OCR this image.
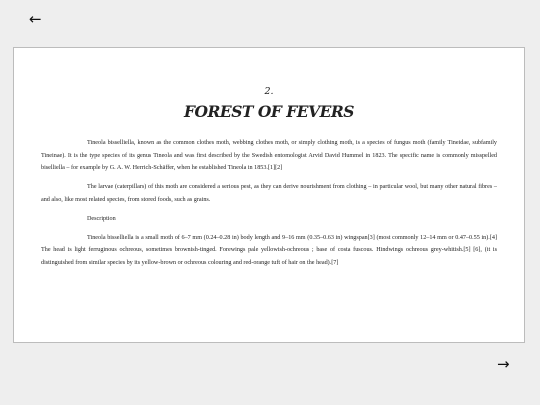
←
2.
FOREST OF FEVERS

Tineola bisselliella, known as the common clothes moth, webbing clothes moth, or simply clothing moth, is a species of fungus moth (family Tineidae, subfamily Tineinae). It is the type species of its genus Tineola and was first described by the Swedish entomologist Arvid David Hummel in 1823. The specific name is commonly misspelled biselliella – for example by G. A. W. Herrich-Schäffer, when he established Tineola in 1853.[1][2]

The larvae (caterpillars) of this moth are considered a serious pest, as they can derive nourishment from clothing – in particular wool, but many other natural fibres – and also, like most related species, from stored foods, such as grains.

Description

Tineola bisselliella is a small moth of 6–7 mm (0.24–0.28 in) body length and 9–16 mm (0.35–0.63 in) wingspan[3] (most commonly 12–14 mm or 0.47–0.55 in).[4] The head is light ferruginous ochreous, sometimes brownish-tinged. Forewings pale yellowish-ochreous ; base of costa fuscous. Hindwings ochreous grey-whitish.[5] [6], (it is distinguished from similar species by its yellow-brown or ochreous colouring and red-orange tuft of hair on the head).[7]

→
